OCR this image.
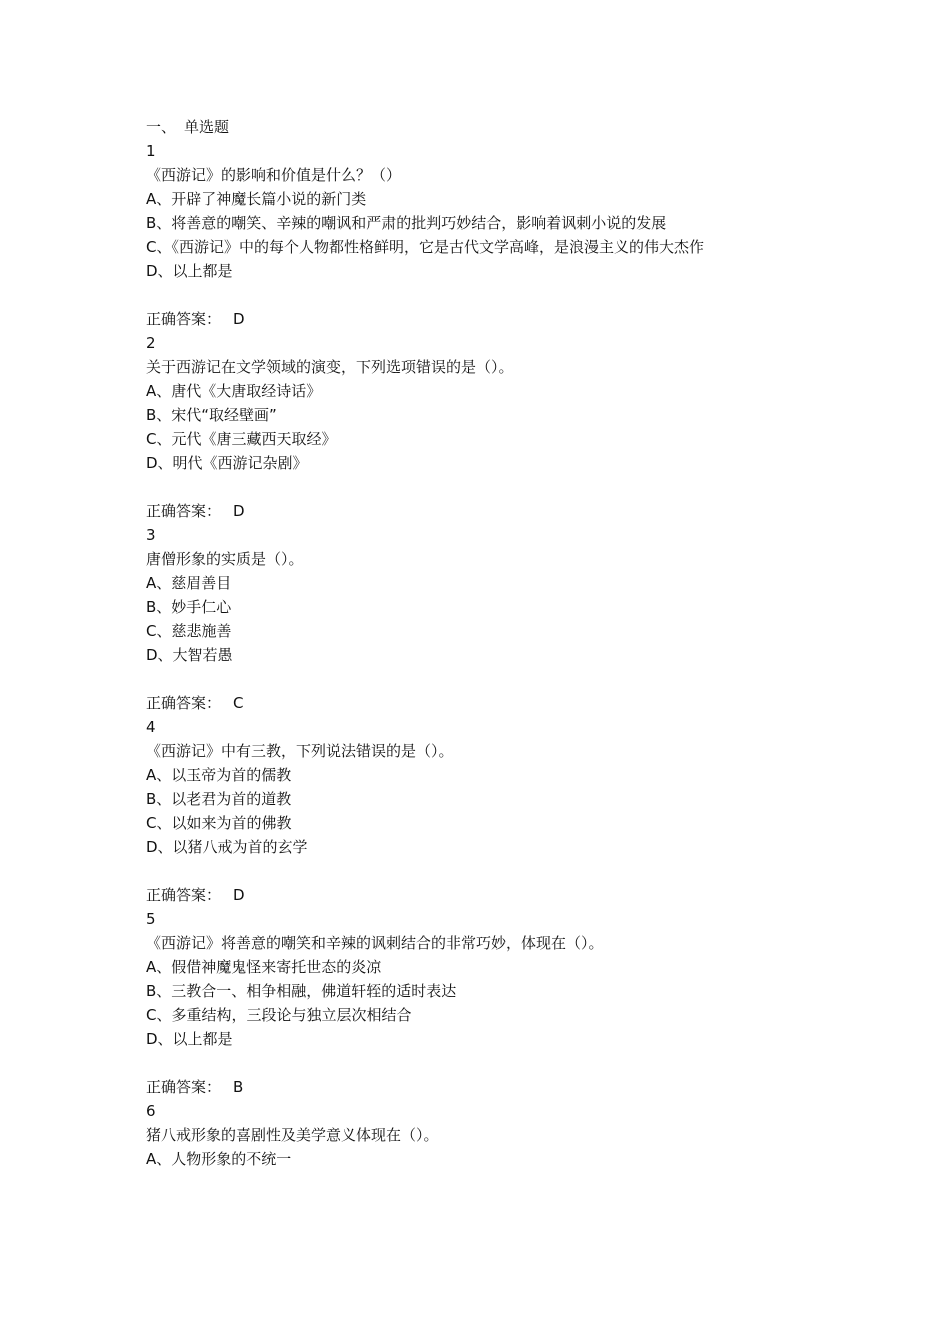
一、 单选题
1
《西游记》的影响和价值是什么？（）
A、开辟了神魔长篇小说的新门类
B、将善意的嘲笑、辛辣的嘲讽和严肃的批判巧妙结合，影响着讽刺小说的发展
C、《西游记》中的每个人物都性格鲜明，它是古代文学高峰，是浪漫主义的伟大杰作
D、以上都是
正确答案： D
2
关于西游记在文学领域的演变，下列选项错误的是（）。
A、唐代《大唐取经诗话》
B、宋代“取经壁画”
C、元代《唐三藏西天取经》
D、明代《西游记杂剧》
正确答案： D
3
唐僧形象的实质是（）。
A、慈眉善目
B、妙手仁心
C、慈悲施善
D、大智若愚
正确答案： C
4
《西游记》中有三教，下列说法错误的是（）。
A、以玉帝为首的儒教
B、以老君为首的道教
C、以如来为首的佛教
D、以猪八戒为首的玄学
正确答案： D
5
《西游记》将善意的嘲笑和辛辣的讽刺结合的非常巧妙，体现在（）。
A、假借神魔鬼怪来寄托世态的炎凉
B、三教合一、相争相融，佛道轩轾的适时表达
C、多重结构，三段论与独立层次相结合
D、以上都是
正确答案： B
6
猪八戒形象的喜剧性及美学意义体现在（）。
A、人物形象的不统一
